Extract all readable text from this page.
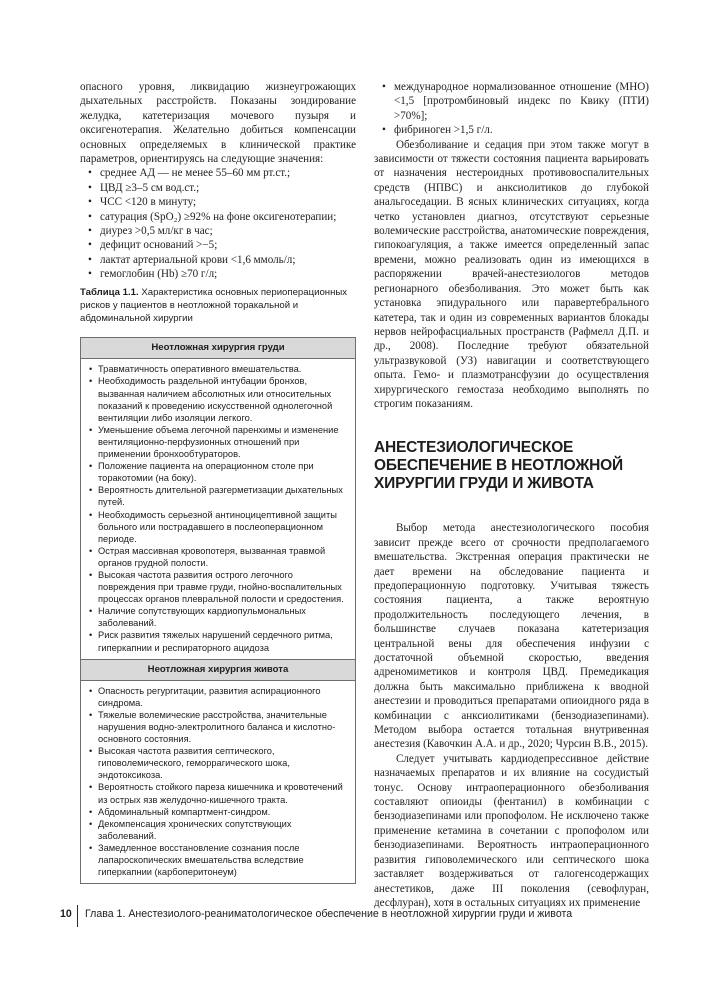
опасного уровня, ликвидацию жизнеугрожающих дыхательных расстройств. Показаны зондирование желудка, катетеризация мочевого пузыря и оксигенотерапия. Желательно добиться компенсации основных определяемых в клинической практике параметров, ориентируясь на следующие значения:

• среднее АД — не менее 55–60 мм рт.ст.;
• ЦВД ≥3–5 см вод.ст.;
• ЧСС <120 в минуту;
• сатурация (SpO₂) ≥92% на фоне оксигенотерапии;
• диурез >0,5 мл/кг в час;
• дефицит оснований >−5;
• лактат артериальной крови <1,6 ммоль/л;
• гемоглобин (Hb) ≥70 г/л;
Таблица 1.1. Характеристика основных периоперационных рисков у пациентов в неотложной торакальной и абдоминальной хирургии
Неотложная хирургия груди
• Травматичность оперативного вмешательства.
• Необходимость раздельной интубации бронхов, вызванная наличием абсолютных или относительных показаний к проведению искусственной однолегочной вентиляции либо изоляции легкого.
• Уменьшение объема легочной паренхимы и изменение вентиляционно-перфузионных отношений при применении бронхообтураторов.
• Положение пациента на операционном столе при торакотомии (на боку).
• Вероятность длительной разгерметизации дыхательных путей.
• Необходимость серьезной антиноцицептивной защиты больного или пострадавшего в послеоперационном периоде.
• Острая массивная кровопотеря, вызванная травмой органов грудной полости.
• Высокая частота развития острого легочного повреждения при травме груди, гнойно-воспалительных процессах органов плевральной полости и средостения.
• Наличие сопутствующих кардиопульмональных заболеваний.
• Риск развития тяжелых нарушений сердечного ритма, гиперкапнии и респираторного ацидоза
Неотложная хирургия живота
• Опасность регургитации, развития аспирационного синдрома.
• Тяжелые волемические расстройства, значительные нарушения водно-электролитного баланса и кислотно-основного состояния.
• Высокая частота развития септического, гиповолемического, геморрагического шока, эндотоксикоза.
• Вероятность стойкого пареза кишечника и кровотечений из острых язв желудочно-кишечного тракта.
• Абдоминальный компартмент-синдром.
• Декомпенсация хронических сопутствующих заболеваний.
• Замедленное восстановление сознания после лапароскопических вмешательства вследствие гиперкапнии (карбоперитонеум)
• международное нормализованное отношение (МНО) <1,5 [протромбиновый индекс по Квику (ПТИ) >70%];
• фибриноген >1,5 г/л.

Обезболивание и седация при этом также могут в зависимости от тяжести состояния пациента варьировать от назначения нестероидных противовоспалительных средств (НПВС) и анксиолитиков до глубокой анальгоседации. В ясных клинических ситуациях, когда четко установлен диагноз, отсутствуют серьезные волемические расстройства, анатомические повреждения, гипокоагуляция, а также имеется определенный запас времени, можно реализовать один из имеющихся в распоряжении врачей-анестезиологов методов регионарного обезболивания. Это может быть как установка эпидурального или паравертебрального катетера, так и один из современных вариантов блокады нервов нейрофасциальных пространств (Рафмелл Д.П. и др., 2008). Последние требуют обязательной ультразвуковой (УЗ) навигации и соответствующего опыта. Гемо- и плазмотрансфузии до осуществления хирургического гемостаза необходимо выполнять по строгим показаниям.

АНЕСТЕЗИОЛОГИЧЕСКОЕ ОБЕСПЕЧЕНИЕ В НЕОТЛОЖНОЙ ХИРУРГИИ ГРУДИ И ЖИВОТА

Выбор метода анестезиологического пособия зависит прежде всего от срочности предполагаемого вмешательства. Экстренная операция практически не дает времени на обследование пациента и предоперационную подготовку. Учитывая тяжесть состояния пациента, а также вероятную продолжительность последующего лечения, в большинстве случаев показана катетеризация центральной вены для обеспечения инфузии с достаточной объемной скоростью, введения адреномиметиков и контроля ЦВД. Премедикация должна быть максимально приближена к вводной анестезии и проводиться препаратами опиоидного ряда в комбинации с анксиолитиками (бензодиазепинами). Методом выбора остается тотальная внутривенная анестезия (Кавочкин А.А. и др., 2020; Чурсин В.В., 2015).

Следует учитывать кардиодепрессивное действие назначаемых препаратов и их влияние на сосудистый тонус. Основу интраоперационного обезболивания составляют опиоиды (фентанил) в комбинации с бензодиазепинами или пропофолом. Не исключено также применение кетамина в сочетании с пропофолом или бензодиазепинами. Вероятность интраоперационного развития гиповолемического или септического шока заставляет воздерживаться от галогенсодержащих анестетиков, даже III поколения (севофлуран, десфлуран), хотя в остальных ситуациях их применение

10 Глава 1. Анестезиолого-реаниматологическое обеспечение в неотложной хирургии груди и живота
